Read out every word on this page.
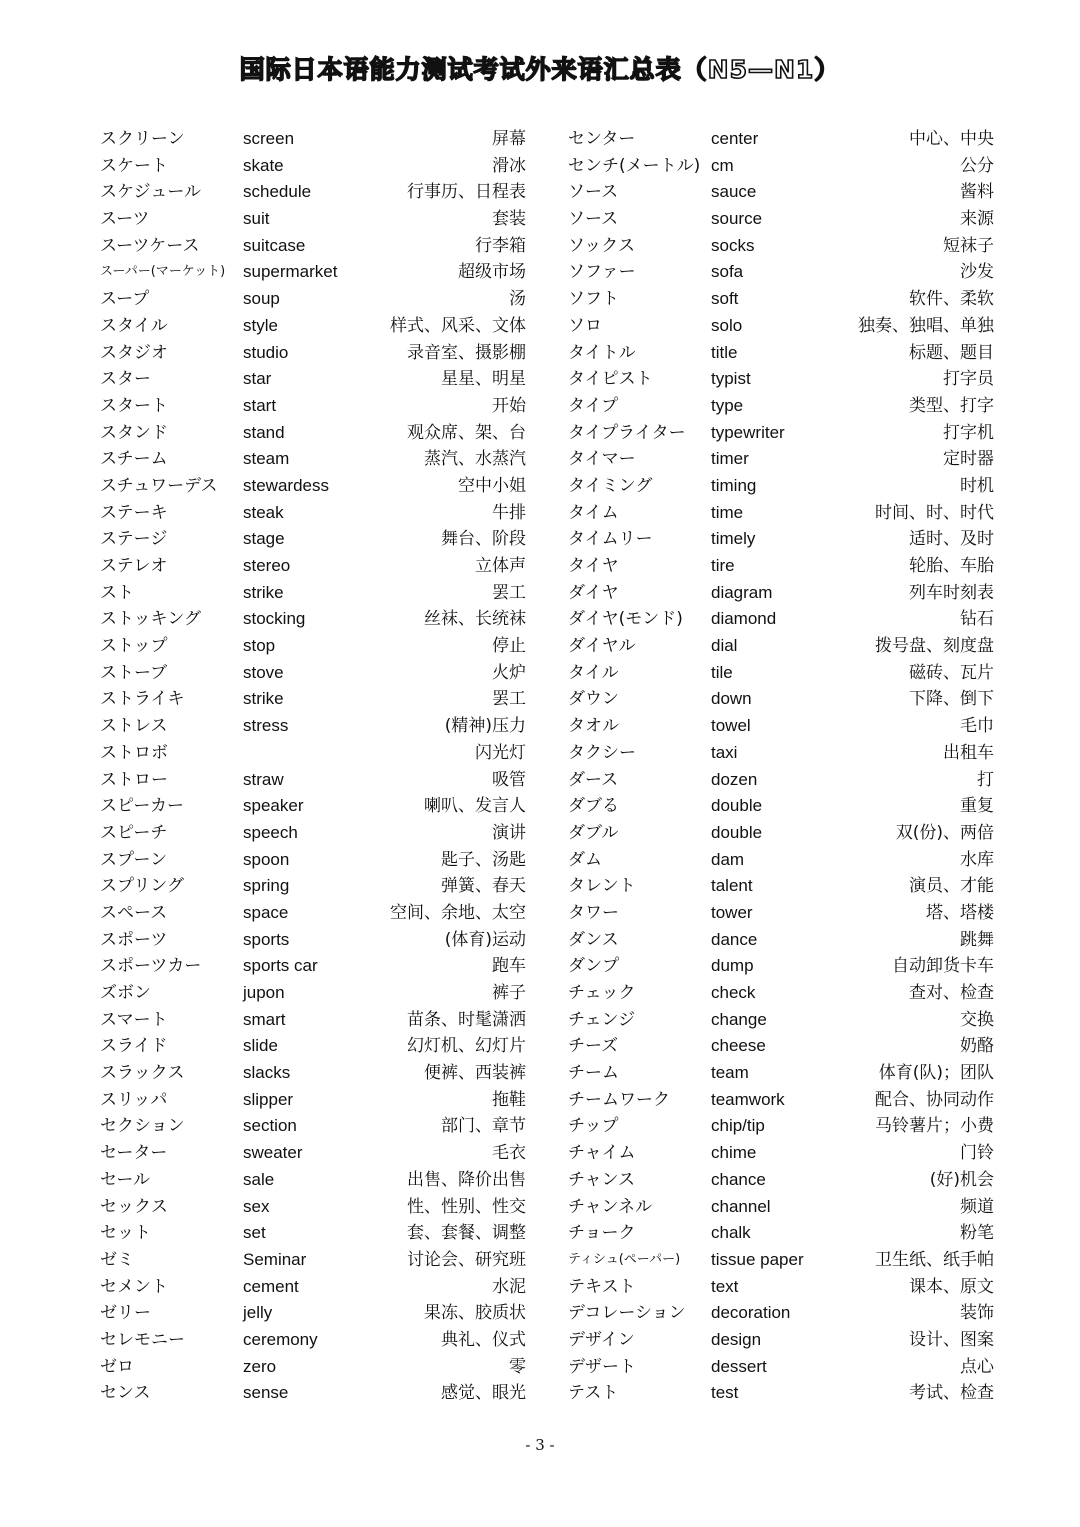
国际日本语能力测试考试外来语汇总表（N5—N1）
スクリーン	screen	屏幕
スケート	skate	滑冰
スケジュール schedule	行事历、日程表
スーツ	suit	套装
スーツケース	suitcase	行李箱
スーパー(マーケット) supermarket	超级市场
スープ	soup	汤
スタイル	style	样式、风采、文体
スタジオ	studio	录音室、摄影棚
スター	star	星星、明星
スタート	start	开始
スタンド	stand	观众席、架、台
スチーム	steam	蒸汽、水蒸汽
スチュワーデス stewardess	空中小姐
ステーキ	steak	牛排
ステージ	stage	舞台、阶段
ステレオ	stereo	立体声
スト	strike	罢工
ストッキング stocking	丝袜、长统袜
ストップ	stop	停止
ストーブ	stove	火炉
ストライキ	strike	罢工
ストレス	stress	(精神)压力
ストロボ	闪光灯
ストロー	straw	吸管
スピーカー	speaker	喇叭、发言人
スピーチ	speech	演讲
スプーン	spoon	匙子、汤匙
スプリング	spring	弹簧、春天
スペース	space	空间、余地、太空
スポーツ	sports	(体育)运动
スポーツカー sports car	跑车
ズボン	jupon	裤子
スマート	smart	苗条、时髦潇洒
スライド	slide	幻灯机、幻灯片
スラックス	slacks	便裤、西装裤
スリッパ	slipper	拖鞋
セクション	section	部门、章节
セーター	sweater	毛衣
セール	sale	出售、降价出售
セックス	sex	性、性别、性交
セット	set	套、套餐、调整
ゼミ	Seminar	讨论会、研究班
セメント	cement	水泥
ゼリー	jelly	果冻、胶质状
セレモニー	ceremony	典礼、仪式
ゼロ	zero	零
センス	sense	感觉、眼光
センター	center	中心、中央
センチ(メートル) cm	公分
ソース	sauce	酱料
ソース	source	来源
ソックス	socks	短袜子
ソファー	sofa	沙发
ソフト	soft	软件、柔软
ソロ	solo	独奏、独唱、单独
タイトル	title	标题、题目
タイピスト	typist	打字员
タイプ	type	类型、打字
タイプライター typewriter	打字机
タイマー	timer	定时器
タイミング	timing	时机
タイム	time	时间、时、时代
タイムリー	timely	适时、及时
タイヤ	tire	轮胎、车胎
ダイヤ	diagram	列车时刻表
ダイヤ(モンド) diamond	钻石
ダイヤル	dial	拨号盘、刻度盘
タイル	tile	磁砖、瓦片
ダウン	down	下降、倒下
タオル	towel	毛巾
タクシー	taxi	出租车
ダース	dozen	打
ダブる	double	重复
ダブル	double	双(份)、两倍
ダム	dam	水库
タレント	talent	演员、才能
タワー	tower	塔、塔楼
ダンス	dance	跳舞
ダンプ	dump	自动卸货卡车
チェック	check	查对、检查
チェンジ	change	交换
チーズ	cheese	奶酪
チーム	team	体育(队)；团队
チームワーク teamwork	配合、协同动作
チップ	chip/tip	马铃薯片；小费
チャイム	chime	门铃
チャンス	chance	(好)机会
チャンネル	channel	频道
チョーク	chalk	粉笔
ティシュ(ペーパー) tissue paper	卫生纸、纸手帕
テキスト	text	课本、原文
デコレーション decoration	装饰
デザイン	design	设计、图案
デザート	dessert	点心
テスト	test	考试、检查
- 3 -
